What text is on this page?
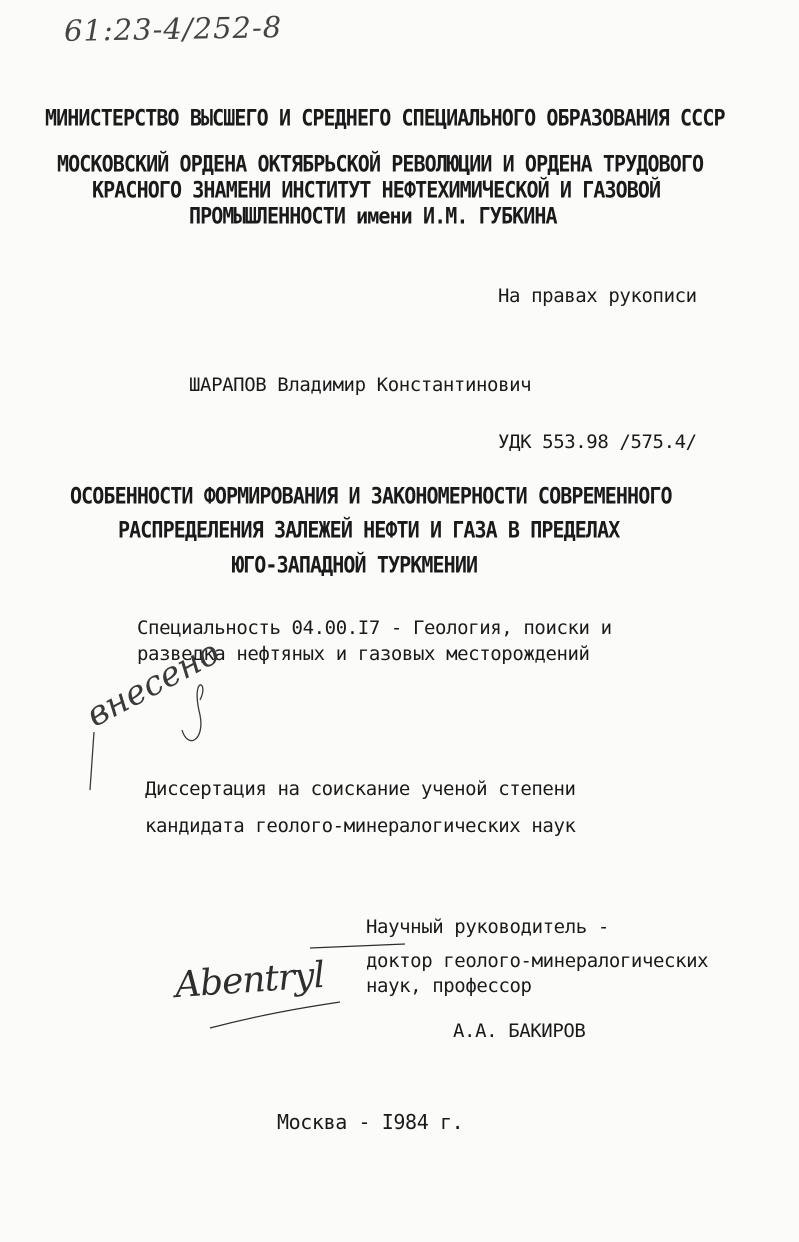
61:23-4/252-8
МИНИСТЕРСТВО ВЫСШЕГО И СРЕДНЕГО СПЕЦИАЛЬНОГО ОБРАЗОВАНИЯ СССР
МОСКОВСКИЙ ОРДЕНА ОКТЯБРЬСКОЙ РЕВОЛЮЦИИ И ОРДЕНА ТРУДОВОГО
КРАСНОГО ЗНАМЕНИ ИНСТИТУТ НЕФТЕХИМИЧЕСКОЙ И ГАЗОВОЙ
ПРОМЫШЛЕННОСТИ имени И.М. ГУБКИНА
На правах рукописи
ШАРАПОВ Владимир Константинович
УДК 553.98 /575.4/
ОСОБЕННОСТИ ФОРМИРОВАНИЯ И ЗАКОНОМЕРНОСТИ СОВРЕМЕННОГО
РАСПРЕДЕЛЕНИЯ ЗАЛЕЖЕЙ НЕФТИ И ГАЗА В ПРЕДЕЛАХ
ЮГО-ЗАПАДНОЙ ТУРКМЕНИИ
Специальность 04.00.I7 - Геология, поиски и
разведка нефтяных и газовых месторождений
внесено
Диссертация на соискание ученой степени
кандидата геолого-минералогических наук
Научный руководитель -
доктор геолого-минералогических
наук, профессор
А.А. БАКИРОВ
Abentryl
Москва - I984 г.
